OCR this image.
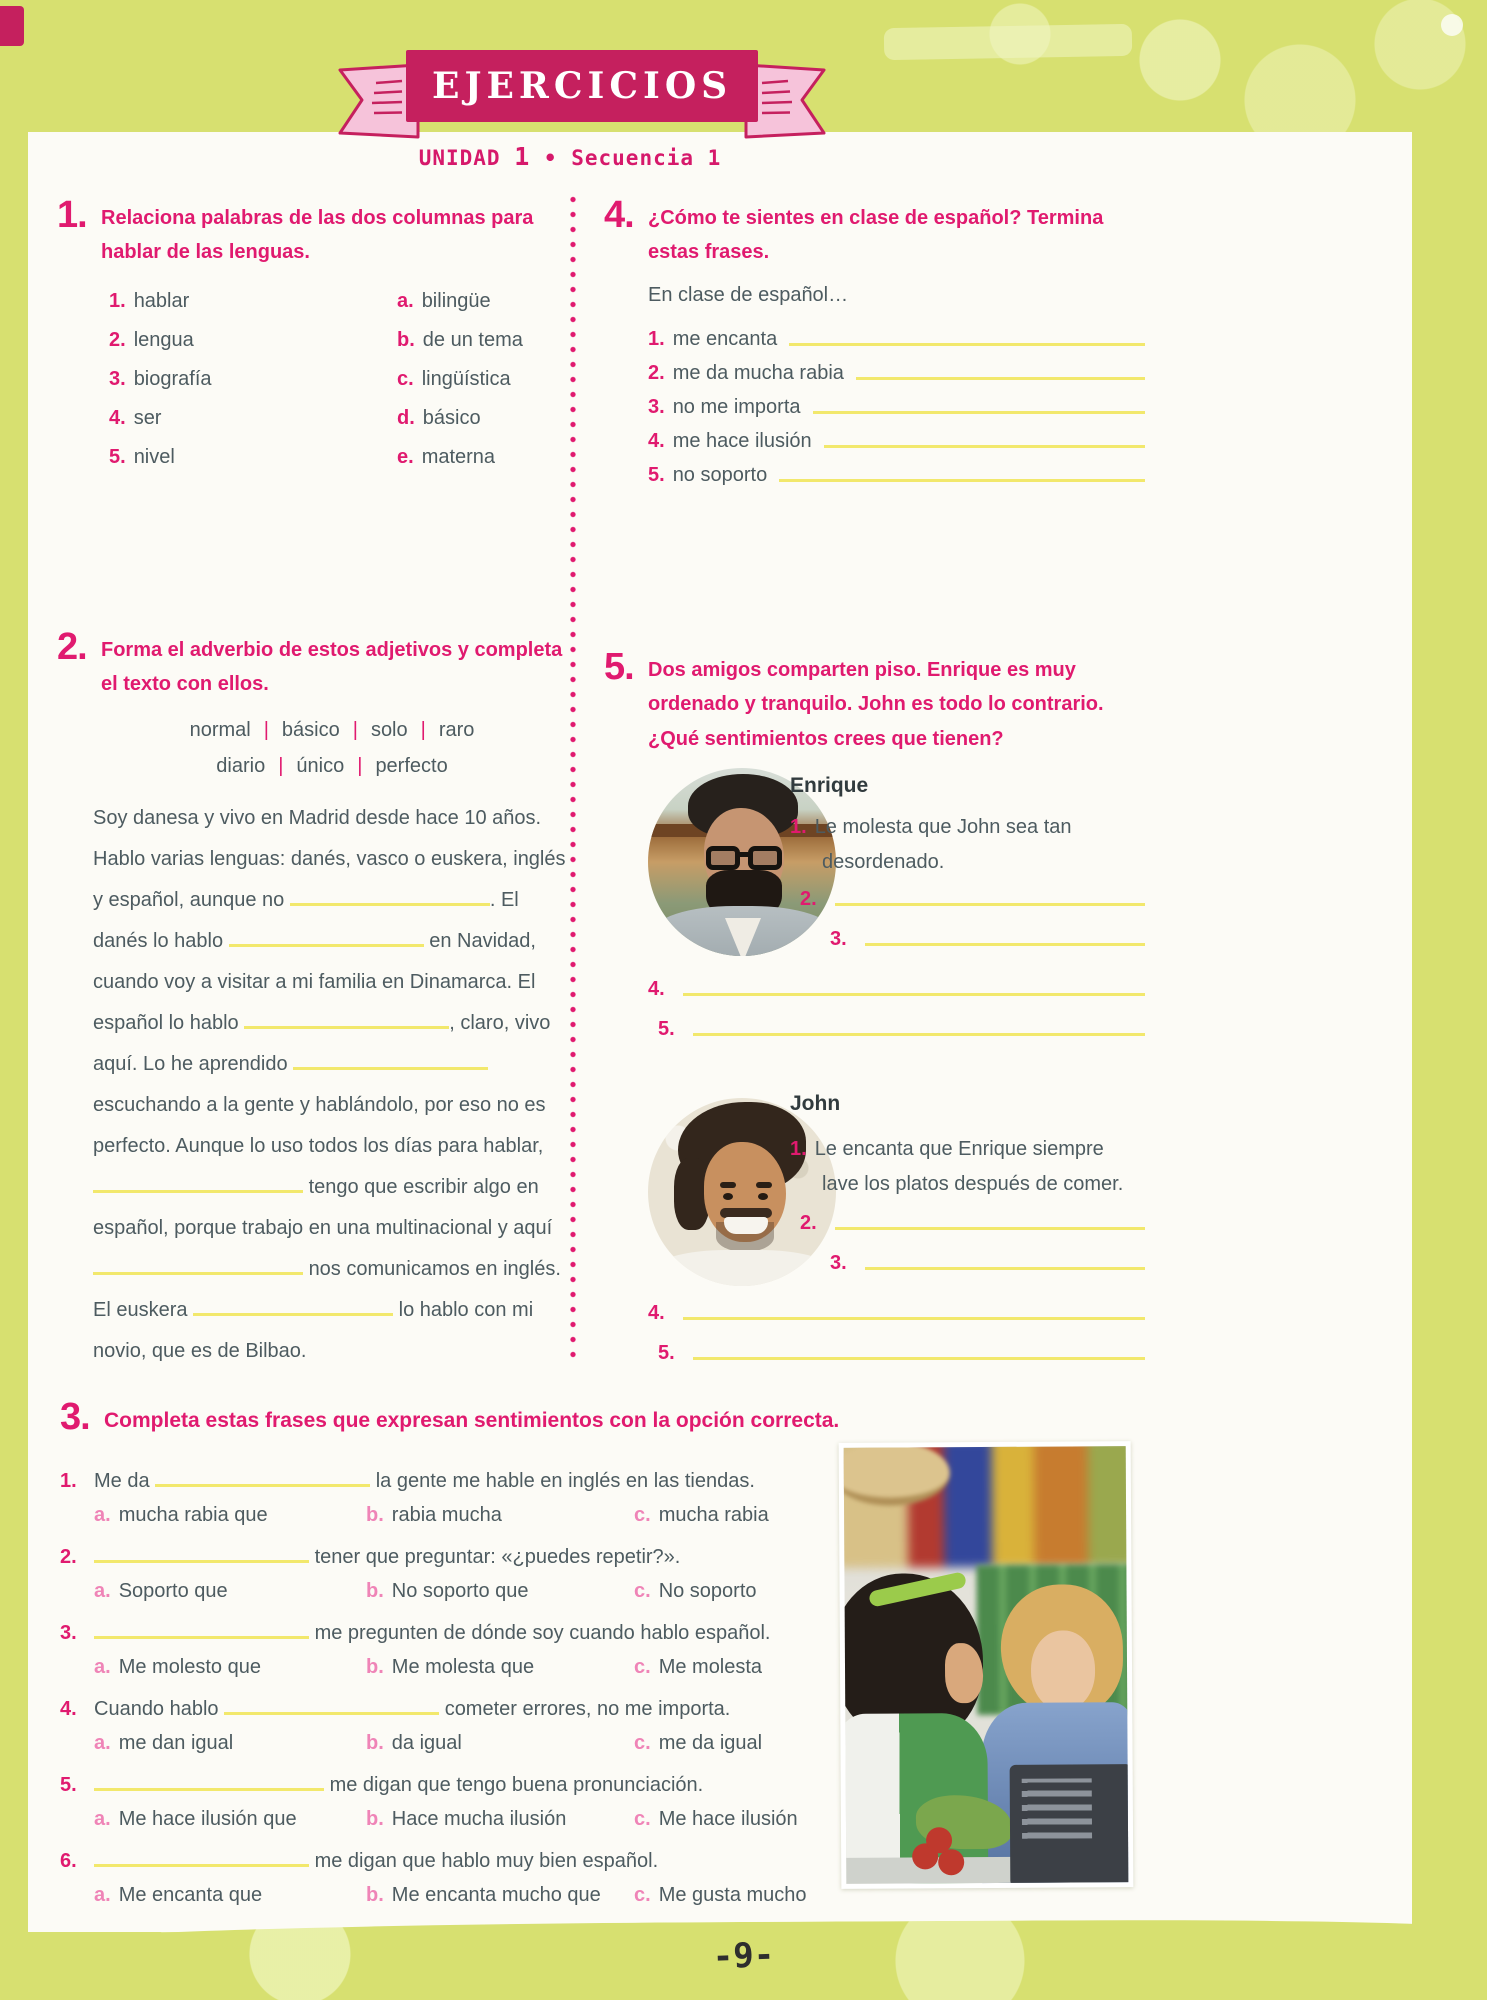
EJERCICIOS
UNIDAD 1 • Secuencia 1
1. Relaciona palabras de las dos columnas para hablar de las lenguas.
1. hablar	a. bilingüe
2. lengua	b. de un tema
3. biografía	c. lingüística
4. ser	d. básico
5. nivel	e. materna
2. Forma el adverbio de estos adjetivos y completa el texto con ellos.
normal | básico | solo | raro
diario | único | perfecto
Soy danesa y vivo en Madrid desde hace 10 años. Hablo varias lenguas: danés, vasco o euskera, inglés y español, aunque no	. El danés lo hablo	en Navidad, cuando voy a visitar a mi familia en Dinamarca. El español lo hablo	, claro, vivo aquí. Lo he aprendido  escuchando a la gente y hablándolo, por eso no es perfecto. Aunque lo uso todos los días para hablar,  tengo que escribir algo en español, porque trabajo en una multinacional y aquí  nos comunicamos en inglés. El euskera	lo hablo con mi novio, que es de Bilbao.
4. ¿Cómo te sientes en clase de español? Termina estas frases.
En clase de español…
1. me encanta
2. me da mucha rabia
3. no me importa
4. me hace ilusión
5. no soporto
5. Dos amigos comparten piso. Enrique es muy ordenado y tranquilo. John es todo lo contrario. ¿Qué sentimientos crees que tienen?
Enrique
1. Le molesta que John sea tan desordenado.
2.
3.
4.
5.
John
1. Le encanta que Enrique siempre lave los platos después de comer.
2.
3.
4.
5.
3. Completa estas frases que expresan sentimientos con la opción correcta.
1. Me da	la gente me hable en inglés en las tiendas.
a. mucha rabia que	b. rabia mucha	c. mucha rabia
2.	tener que preguntar: «¿puedes repetir?».
a. Soporto que	b. No soporto que	c. No soporto
3.	me pregunten de dónde soy cuando hablo español.
a. Me molesto que	b. Me molesta que	c. Me molesta
4. Cuando hablo	cometer errores, no me importa.
a. me dan igual	b. da igual	c. me da igual
5.	me digan que tengo buena pronunciación.
a. Me hace ilusión que	b. Hace mucha ilusión	c. Me hace ilusión
6.	me digan que hablo muy bien español.
a. Me encanta que	b. Me encanta mucho que	c. Me gusta mucho
-9-
